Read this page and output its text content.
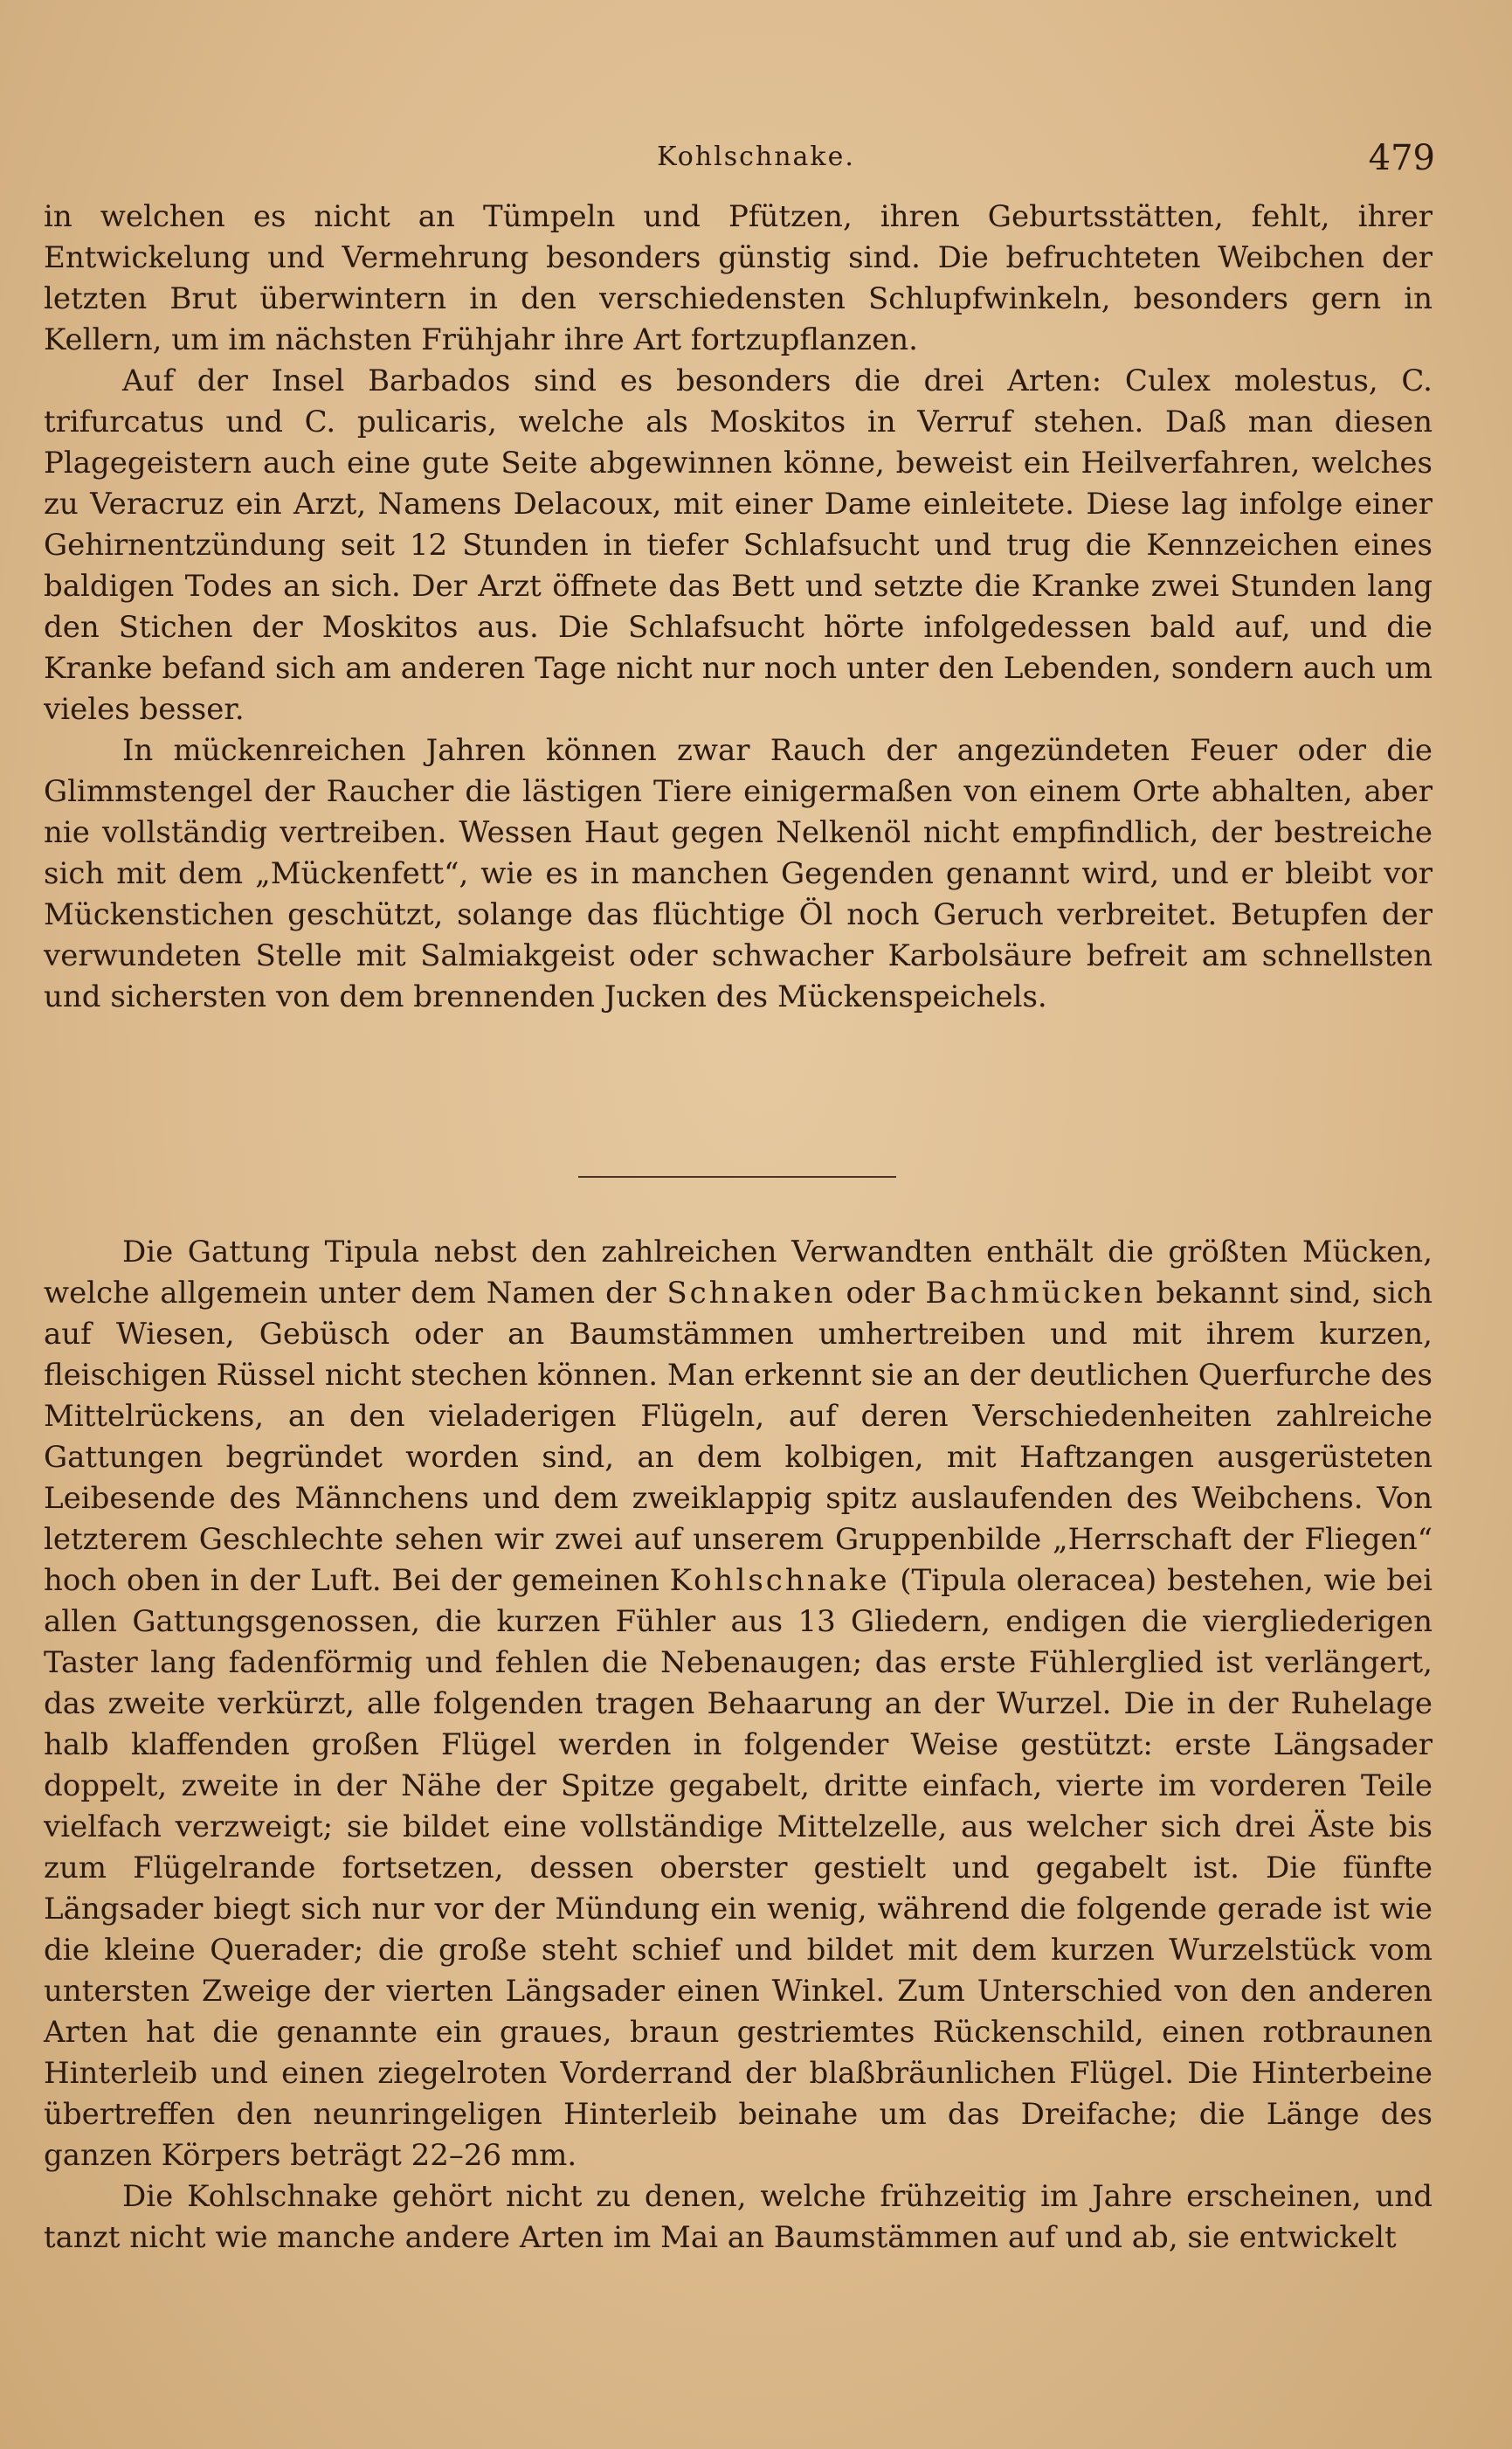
Kohlschnake.	479

in welchen es nicht an Tümpeln und Pfützen, ihren Geburtsstätten, fehlt, ihrer Entwickelung und Vermehrung besonders günstig sind. Die befruchteten Weibchen der letzten Brut überwintern in den verschiedensten Schlupfwinkeln, besonders gern in Kellern, um im nächsten Frühjahr ihre Art fortzupflanzen.

Auf der Insel Barbados sind es besonders die drei Arten: Culex molestus, C. trifurcatus und C. pulicaris, welche als Moskitos in Verruf stehen. Daß man diesen Plagegeistern auch eine gute Seite abgewinnen könne, beweist ein Heilverfahren, welches zu Veracruz ein Arzt, Namens Delacoux, mit einer Dame einleitete. Diese lag infolge einer Gehirnentzündung seit 12 Stunden in tiefer Schlafsucht und trug die Kennzeichen eines baldigen Todes an sich. Der Arzt öffnete das Bett und setzte die Kranke zwei Stunden lang den Stichen der Moskitos aus. Die Schlafsucht hörte infolgedessen bald auf, und die Kranke befand sich am anderen Tage nicht nur noch unter den Lebenden, sondern auch um vieles besser.

In mückenreichen Jahren können zwar Rauch der angezündeten Feuer oder die Glimmstengel der Raucher die lästigen Tiere einigermaßen von einem Orte abhalten, aber nie vollständig vertreiben. Wessen Haut gegen Nelkenöl nicht empfindlich, der bestreiche sich mit dem „Mückenfett“, wie es in manchen Gegenden genannt wird, und er bleibt vor Mückenstichen geschützt, solange das flüchtige Öl noch Geruch verbreitet. Betupfen der verwundeten Stelle mit Salmiakgeist oder schwacher Karbolsäure befreit am schnellsten und sichersten von dem brennenden Jucken des Mückenspeichels.

Die Gattung Tipula nebst den zahlreichen Verwandten enthält die größten Mücken, welche allgemein unter dem Namen der Schnaken oder Bachmücken bekannt sind, sich auf Wiesen, Gebüsch oder an Baumstämmen umhertreiben und mit ihrem kurzen, fleischigen Rüssel nicht stechen können. Man erkennt sie an der deutlichen Querfurche des Mittelrückens, an den vieladerigen Flügeln, auf deren Verschiedenheiten zahlreiche Gattungen begründet worden sind, an dem kolbigen, mit Haftzangen ausgerüsteten Leibesende des Männchens und dem zweiklappig spitz auslaufenden des Weibchens. Von letzterem Geschlechte sehen wir zwei auf unserem Gruppenbilde „Herrschaft der Fliegen“ hoch oben in der Luft. Bei der gemeinen Kohlschnake (Tipula oleracea) bestehen, wie bei allen Gattungsgenossen, die kurzen Fühler aus 13 Gliedern, endigen die viergliederigen Taster lang fadenförmig und fehlen die Nebenaugen; das erste Fühlerglied ist verlängert, das zweite verkürzt, alle folgenden tragen Behaarung an der Wurzel. Die in der Ruhelage halb klaffenden großen Flügel werden in folgender Weise gestützt: erste Längsader doppelt, zweite in der Nähe der Spitze gegabelt, dritte einfach, vierte im vorderen Teile vielfach verzweigt; sie bildet eine vollständige Mittelzelle, aus welcher sich drei Äste bis zum Flügelrande fortsetzen, dessen oberster gestielt und gegabelt ist. Die fünfte Längsader biegt sich nur vor der Mündung ein wenig, während die folgende gerade ist wie die kleine Querader; die große steht schief und bildet mit dem kurzen Wurzelstück vom untersten Zweige der vierten Längsader einen Winkel. Zum Unterschied von den anderen Arten hat die genannte ein graues, braun gestriemtes Rückenschild, einen rotbraunen Hinterleib und einen ziegelroten Vorderrand der blaßbräunlichen Flügel. Die Hinterbeine übertreffen den neunringeligen Hinterleib beinahe um das Dreifache; die Länge des ganzen Körpers beträgt 22–26 mm.

Die Kohlschnake gehört nicht zu denen, welche frühzeitig im Jahre erscheinen, und tanzt nicht wie manche andere Arten im Mai an Baumstämmen auf und ab, sie entwickelt
